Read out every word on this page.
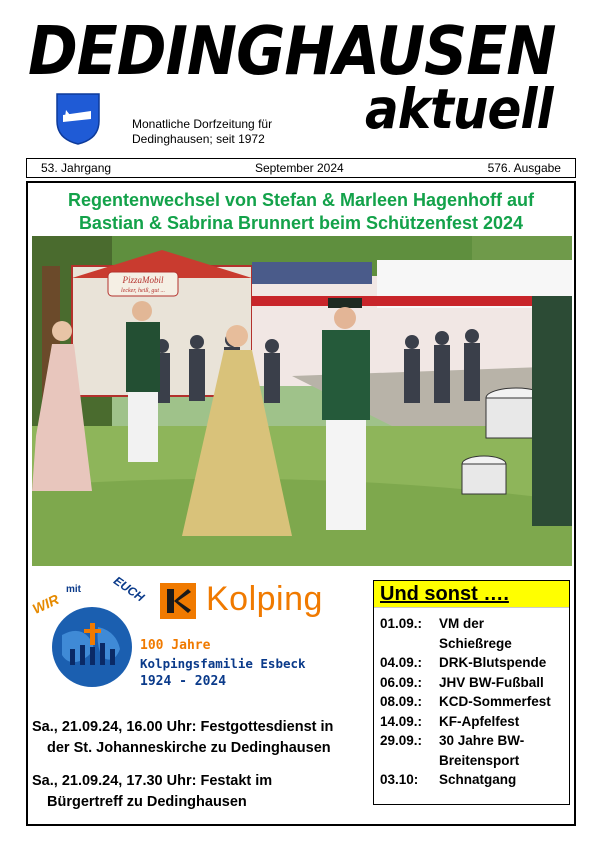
DEDINGHAUSEN
Monatliche Dorfzeitung für
Dedinghausen; seit 1972 aktuell
53. Jahrgang	September 2024	576. Ausgabe
Regentenwechsel von Stefan & Marleen Hagenhoff auf
Bastian & Sabrina Brunnert beim Schützenfest 2024
PizzaMobil
lecker, heiß, gut ...
WIR
mit	EUCH Kolping
100 Jahre
Kolpingsfamilie Esbeck
1924 - 2024
Sa., 21.09.24, 16.00 Uhr: Festgottesdienst in
der St. Johanneskirche zu Dedinghausen
Sa., 21.09.24, 17.30 Uhr: Festakt im
Bürgertreff zu Dedinghausen
Und sonst ….
01.09.:	VM der
Schießrege
04.09.:	DRK-Blutspende
06.09.:	JHV BW-Fußball
08.09.:	KCD-Sommerfest
14.09.:	KF-Apfelfest
29.09.:	30 Jahre BW-
Breitensport
03.10:	Schnatgang
